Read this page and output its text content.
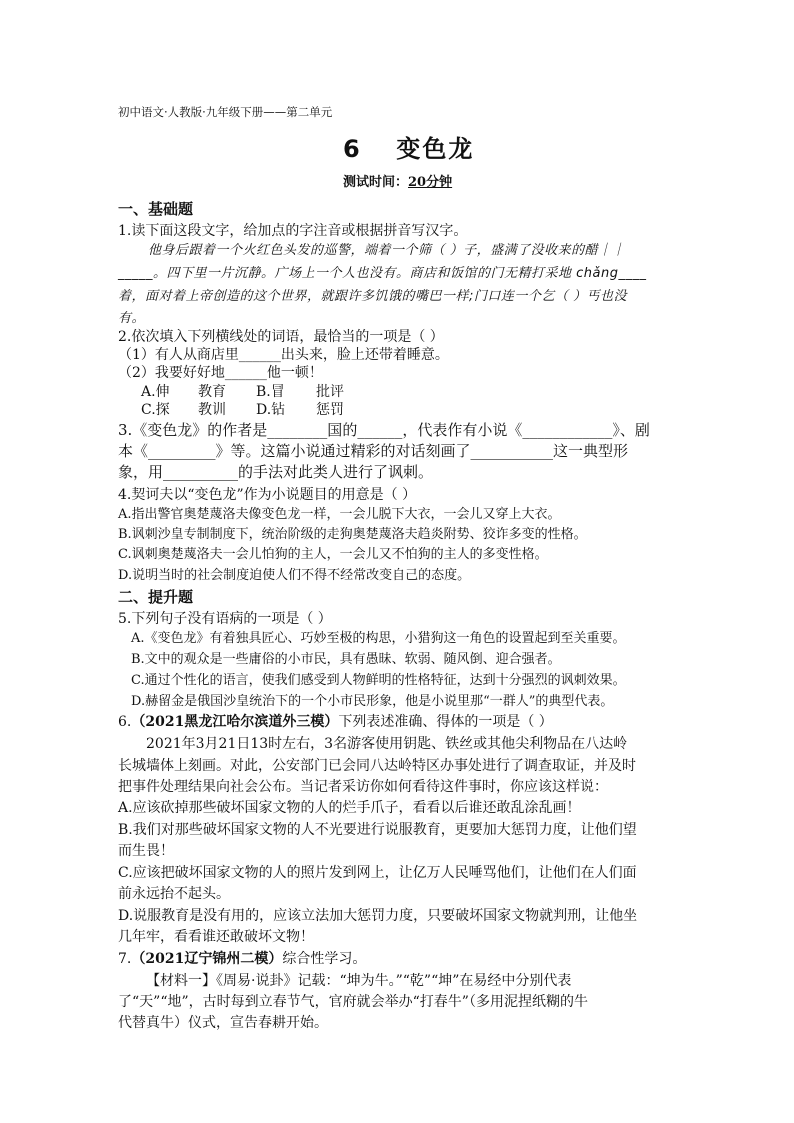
初中语文·人教版·九年级下册——第二单元
6 变色龙
测试时间：20分钟
一、基础题
1.读下面这段文字，给加点的字注音或根据拼音写汉字。
他身后跟着一个火红色头发的巡警，端着一个筛（ ）子，盛满了没收来的醋｜｜
_____。四下里一片沉静。广场上一个人也没有。商店和饭馆的门无精打采地 chǎng____
着，面对着上帝创造的这个世界，就跟许多饥饿的嘴巴一样;门口连一个乞（ ）丐也没
有。
2.依次填入下列横线处的词语，最恰当的一项是（ ）
（1）有人从商店里______出头来，脸上还带着睡意。
（2）我要好好地______他一顿！
A.伸 教育 B.冒 批评
C.探 教训 D.钻 惩罚
3.《变色龙》的作者是________国的______，代表作有小说《____________》、剧
本《_________》等。这篇小说通过精彩的对话刻画了___________这一典型形
象，用__________的手法对此类人进行了讽刺。
4.契诃夫以“变色龙”作为小说题目的用意是（ ）
A.指出警官奥楚蔑洛夫像变色龙一样，一会儿脱下大衣，一会儿又穿上大衣。
B.讽刺沙皇专制制度下，统治阶级的走狗奥楚蔑洛夫趋炎附势、狡诈多变的性格。
C.讽刺奥楚蔑洛夫一会儿怕狗的主人，一会儿又不怕狗的主人的多变性格。
D.说明当时的社会制度迫使人们不得不经常改变自己的态度。
二、提升题
5.下列句子没有语病的一项是（ ）
A.《变色龙》有着独具匠心、巧妙至极的构思，小猎狗这一角色的设置起到至关重要。
B.文中的观众是一些庸俗的小市民，具有愚昧、软弱、随风倒、迎合强者。
C.通过个性化的语言，使我们感受到人物鲜明的性格特征，达到十分强烈的讽刺效果。
D.赫留金是俄国沙皇统治下的一个小市民形象，他是小说里那“一群人”的典型代表。
6.（2021黑龙江哈尔滨道外三模）下列表述准确、得体的一项是（ ）
2021年3月21日13时左右，3名游客使用钥匙、铁丝或其他尖利物品在八达岭
长城墙体上刻画。对此，公安部门已会同八达岭特区办事处进行了调查取证，并及时
把事件处理结果向社会公布。当记者采访你如何看待这件事时，你应该这样说：
A.应该砍掉那些破坏国家文物的人的烂手爪子，看看以后谁还敢乱涂乱画！
B.我们对那些破坏国家文物的人不光要进行说服教育，更要加大惩罚力度，让他们望
而生畏！
C.应该把破坏国家文物的人的照片发到网上，让亿万人民唾骂他们，让他们在人们面
前永远抬不起头。
D.说服教育是没有用的，应该立法加大惩罚力度，只要破坏国家文物就判刑，让他坐
几年牢，看看谁还敢破坏文物！
7.（2021辽宁锦州二模）综合性学习。
【材料一】《周易·说卦》记载：“坤为牛。”“乾”“坤”在易经中分别代表
了“天”“地”，古时每到立春节气，官府就会举办“打春牛”（多用泥捏纸糊的牛
代替真牛）仪式，宣告春耕开始。
